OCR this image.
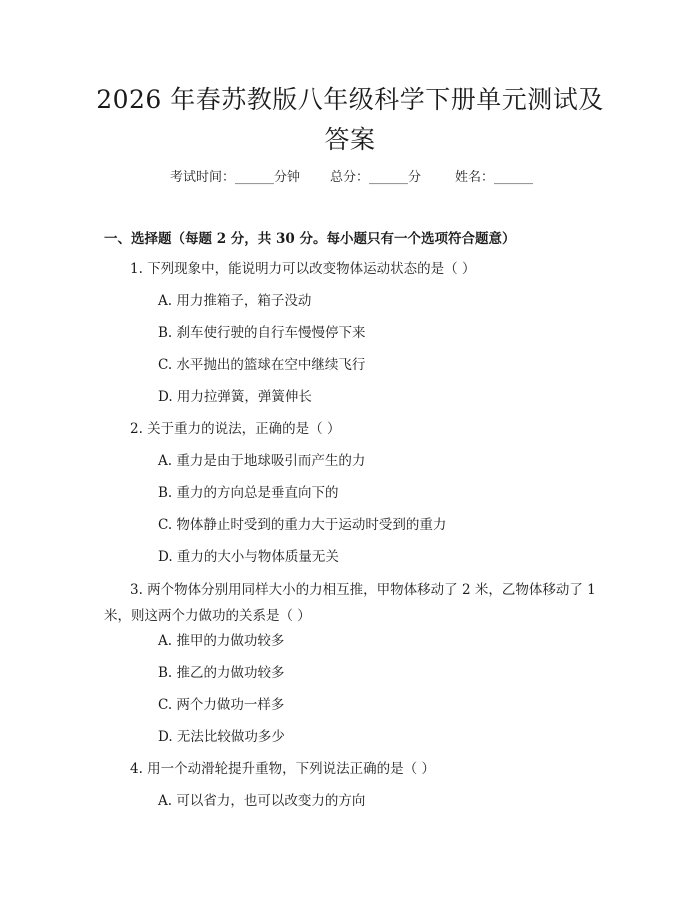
2026 年春苏教版八年级科学下册单元测试及答案
考试时间：______分钟 总分：______分	姓名：______
一、选择题（每题 2 分，共 30 分。每小题只有一个选项符合题意）
1. 下列现象中，能说明力可以改变物体运动状态的是（ ）
A. 用力推箱子，箱子没动
B. 刹车使行驶的自行车慢慢停下来
C. 水平抛出的篮球在空中继续飞行
D. 用力拉弹簧，弹簧伸长
2. 关于重力的说法，正确的是（ ）
A. 重力是由于地球吸引而产生的力
B. 重力的方向总是垂直向下的
C. 物体静止时受到的重力大于运动时受到的重力
D. 重力的大小与物体质量无关
3. 两个物体分别用同样大小的力相互推，甲物体移动了 2 米，乙物体移动了 1 米，则这两个力做功的关系是（ ）
A. 推甲的力做功较多
B. 推乙的力做功较多
C. 两个力做功一样多
D. 无法比较做功多少
4. 用一个动滑轮提升重物，下列说法正确的是（ ）
A. 可以省力，也可以改变力的方向
